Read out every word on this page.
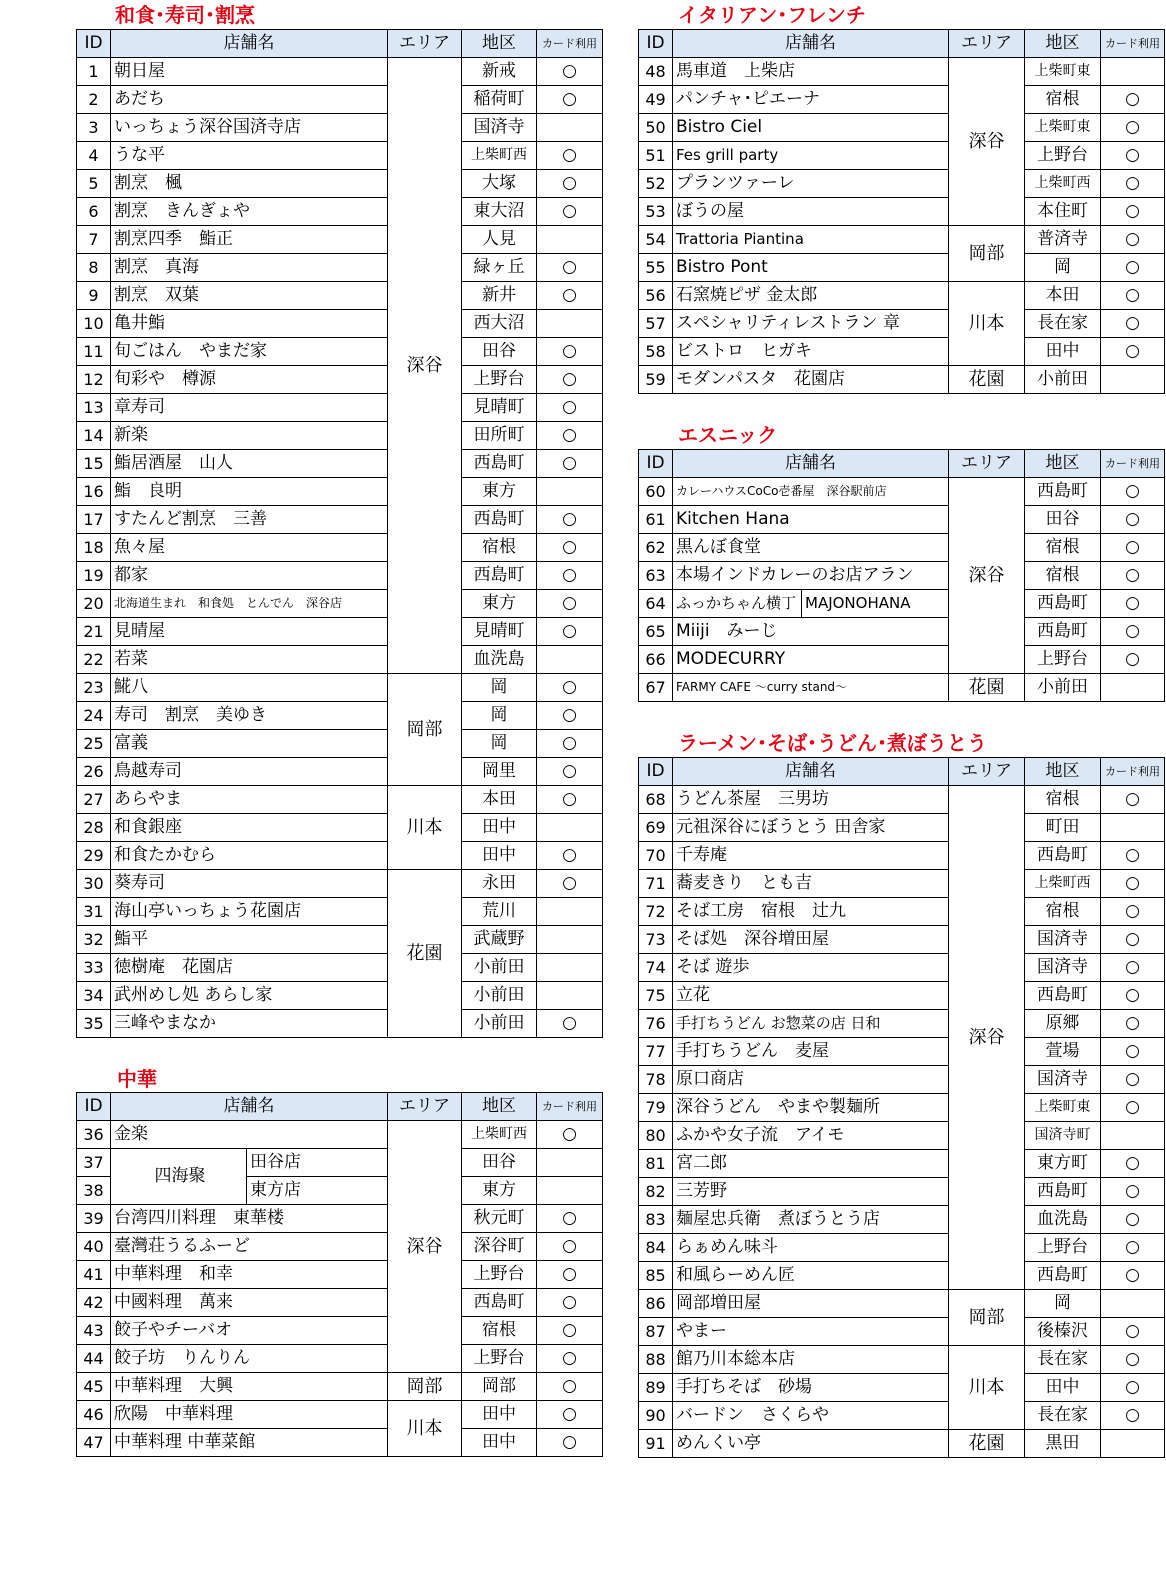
和食･寿司･割烹	イタリアン･フレンチ
エスニック
ラーメン･そば･うどん･煮ぼうとう
中華
ID	店舗名	エリア	地区	カード利用
1	朝日屋	深谷	新戒	○
2	あだち		稲荷町	○
3	いっちょう深谷国済寺店		国済寺	
4	うな平		上柴町西	○
5	割烹　楓		大塚	○
6	割烹　きんぎょや		東大沼	○
7	割烹四季　鮨正		人見	
8	割烹　真海		緑ヶ丘	○
9	割烹　双葉		新井	○
10	亀井鮨		西大沼	
11	旬ごはん　やまだ家		田谷	○
12	旬彩や　樽源		上野台	○
13	章寿司		見晴町	○
14	新楽		田所町	○
15	鮨居酒屋　山人		西島町	○
16	鮨　良明		東方	
17	すたんど割烹　三善		西島町	○
18	魚々屋		宿根	○
19	都家		西島町	○
20	北海道生まれ　和食処　とんでん　深谷店		東方	○
21	見晴屋		見晴町	○
22	若菜		血洗島	
23	𩸽八	岡部	岡	○
24	寿司　割烹　美ゆき		岡	○
25	富義		岡	○
26	鳥越寿司		岡里	○
27	あらやま	川本	本田	○
28	和食銀座		田中	
29	和食たかむら		田中	○
30	葵寿司	花園	永田	○
31	海山亭いっちょう花園店		荒川	
32	鮨平		武蔵野	
33	徳樹庵　花園店		小前田	
34	武州めし処 あらし家		小前田	
35	三峰やまなか		小前田	○
ID	店舗名		エリア	地区	カード利用
36	金楽		深谷	上柴町西	○
37	四海聚	田谷店		田谷	
38		東方店		東方	
39	台湾四川料理　東華楼			秋元町	○
40	臺灣荘うるふーど			深谷町	○
41	中華料理　和幸			上野台	○
42	中國料理　萬来			西島町	○
43	餃子やチーバオ			宿根	○
44	餃子坊　りんりん			上野台	○
45	中華料理　大興		岡部	岡部	○
46	欣陽　中華料理		川本	田中	○
47	中華料理 中華菜館			田中	○
ID	店舗名	エリア	地区	カード利用
48	馬車道　上柴店	深谷	上柴町東	
49	パンチャ･ピエーナ		宿根	○
50	Bistro Ciel		上柴町東	○
51	Fes grill party		上野台	○
52	プランツァーレ		上柴町西	○
53	ぼうの屋		本住町	○
54	Trattoria Piantina	岡部	普済寺	○
55	Bistro Pont		岡	○
56	石窯焼ピザ 金太郎	川本	本田	○
57	スペシャリティレストラン 章		長在家	○
58	ビストロ　ヒガキ		田中	○
59	モダンパスタ　花園店	花園	小前田	
ID	店舗名	エリア	地区	カード利用
60	カレーハウスCoCo壱番屋　深谷駅前店	深谷	西島町	○
61	Kitchen Hana		田谷	○
62	黒んぼ食堂		宿根	○
63	本場インドカレーのお店アラン		宿根	○
64	ふっかちゃん横丁 MAJONOHANA		西島町	○
65	Miiji　みーじ		西島町	○
66	MODECURRY		上野台	○
67	FARMY CAFE 〜curry stand〜	花園	小前田	
ID	店舗名	エリア	地区	カード利用
68	うどん茶屋　三男坊	深谷	宿根	○
69	元祖深谷にぼうとう 田舎家		町田	
70	千寿庵		西島町	○
71	蕎麦きり　とも吉		上柴町西	○
72	そば工房　宿根　辻九		宿根	○
73	そば処　深谷増田屋		国済寺	○
74	そば 遊歩		国済寺	○
75	立花		西島町	○
76	手打ちうどん お惣菜の店 日和		原郷	○
77	手打ちうどん　麦屋		萱場	○
78	原口商店		国済寺	○
79	深谷うどん　やまや製麺所		上柴町東	○
80	ふかや女子流　アイモ		国済寺町	
81	宮二郎		東方町	○
82	三芳野		西島町	○
83	麺屋忠兵衛　煮ぼうとう店		血洗島	○
84	らぁめん味斗		上野台	○
85	和風らーめん匠		西島町	○
86	岡部増田屋	岡部	岡	
87	やまー		後榛沢	○
88	館乃川本総本店	川本	長在家	○
89	手打ちそば　砂場		田中	○
90	バードン　さくらや		長在家	○
91	めんくい亭	花園	黒田	
